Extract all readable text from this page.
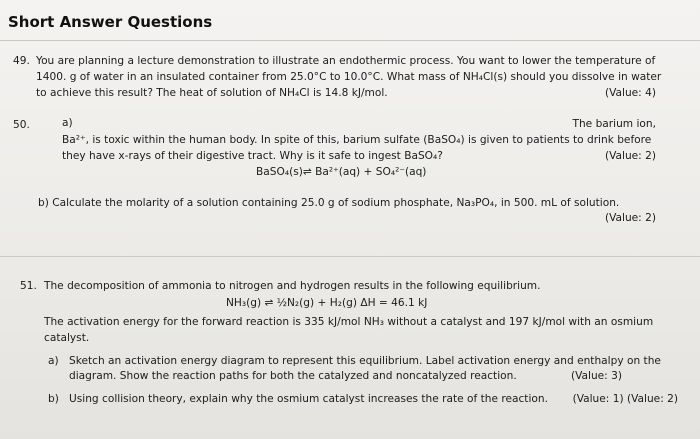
Short Answer Questions
49. You are planning a lecture demonstration to illustrate an endothermic process. You want to lower the temperature of
1400. g of water in an insulated container from 25.0°C to 10.0°C. What mass of NH₄Cl(s) should you dissolve in water
to achieve this result? The heat of solution of NH₄Cl is 14.8 kJ/mol.	(Value: 4)
50.	a)	The barium ion,
Ba²⁺, is toxic within the human body. In spite of this, barium sulfate (BaSO₄) is given to patients to drink before
they have x-rays of their digestive tract. Why is it safe to ingest BaSO₄?	(Value: 2)
BaSO₄(s)⇌ Ba²⁺(aq) + SO₄²⁻(aq)
b) Calculate the molarity of a solution containing 25.0 g of sodium phosphate, Na₃PO₄, in 500. mL of solution.
(Value: 2)
51. The decomposition of ammonia to nitrogen and hydrogen results in the following equilibrium.
NH₃(g) ⇌ ½N₂(g) + H₂(g) ΔH = 46.1 kJ
The activation energy for the forward reaction is 335 kJ/mol NH₃ without a catalyst and 197 kJ/mol with an osmium
catalyst.
a) Sketch an activation energy diagram to represent this equilibrium. Label activation energy and enthalpy on the
diagram. Show the reaction paths for both the catalyzed and noncatalyzed reaction.	(Value: 3)
b) Using collision theory, explain why the osmium catalyst increases the rate of the reaction. (Value: 1) (Value: 2)
